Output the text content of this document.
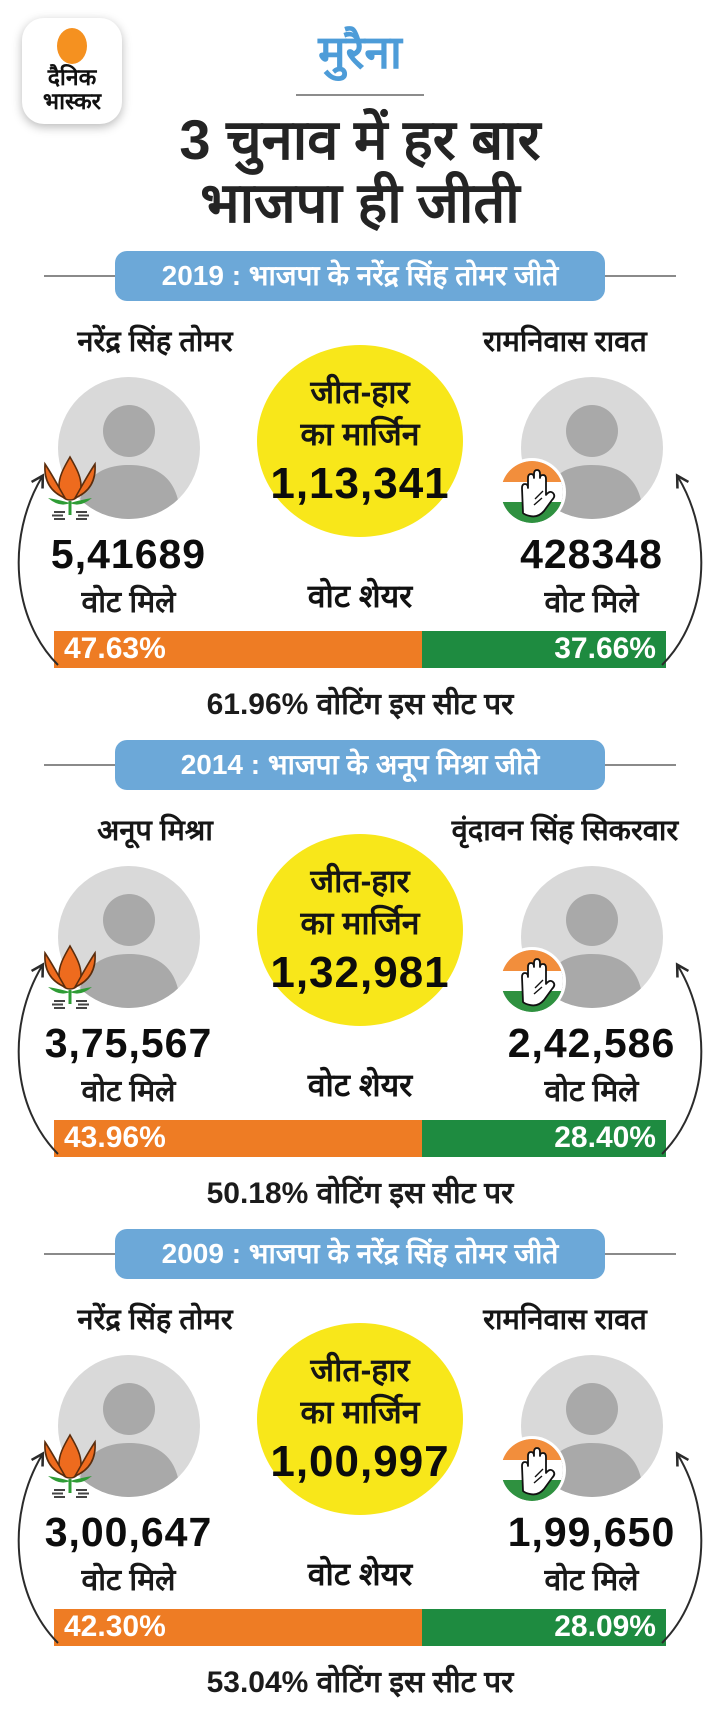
दैनिक
भास्कर
मुरैना
3 चुनाव में हर बार
भाजपा ही जीती
2019 : भाजपा के नरेंद्र सिंह तोमर जीते
नरेंद्र सिंह तोमर	रामनिवास रावत
5,41689
वोट मिले
जीत-हार
का मार्जिन
1,13,341
वोट शेयर
428348
वोट मिले
47.63%	37.66%
61.96% वोटिंग इस सीट पर
2014 : भाजपा के अनूप मिश्रा जीते
अनूप मिश्रा	वृंदावन सिंह सिकरवार
3,75,567
वोट मिले
जीत-हार
का मार्जिन
1,32,981
वोट शेयर
2,42,586
वोट मिले
43.96%	28.40%
50.18% वोटिंग इस सीट पर
2009 : भाजपा के नरेंद्र सिंह तोमर जीते
नरेंद्र सिंह तोमर	रामनिवास रावत
3,00,647
वोट मिले
जीत-हार
का मार्जिन
1,00,997
वोट शेयर
1,99,650
वोट मिले
42.30%	28.09%
53.04% वोटिंग इस सीट पर
